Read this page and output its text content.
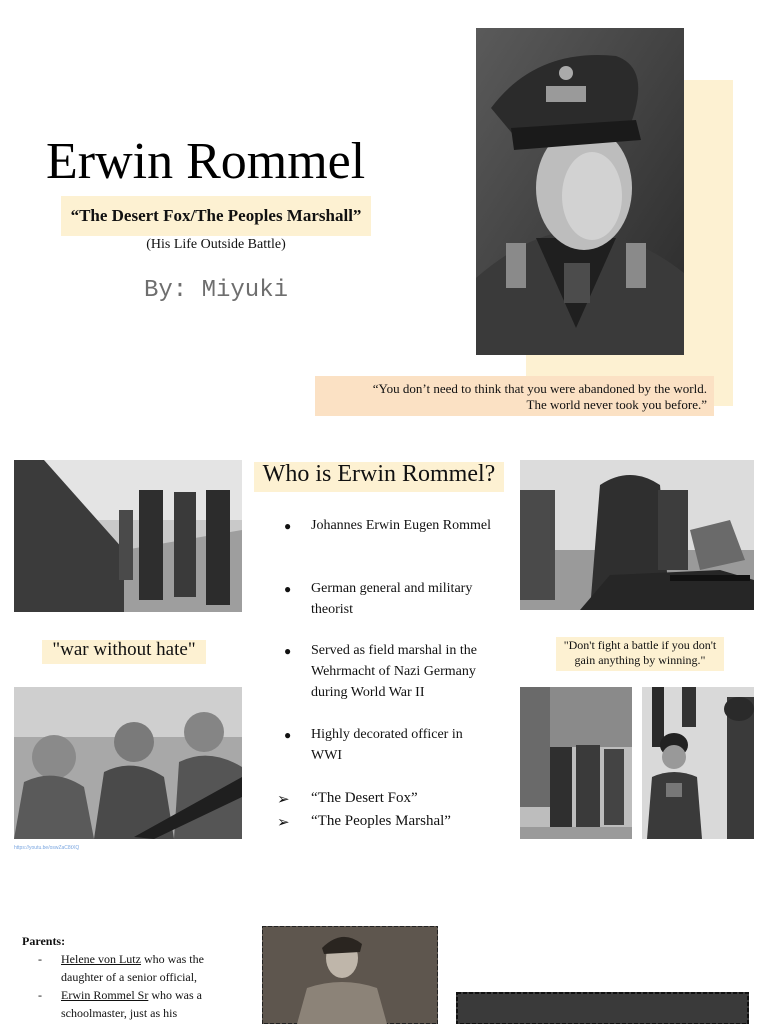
Erwin Rommel
“The Desert Fox/The Peoples Marshall”
(His Life Outside Battle)
By: Miyuki
“You don’t need to think that you were abandoned by the world.
The world never took you before.”
"war without hate"
https://youtu.be/oswZaC8tXQ
Who is Erwin Rommel?
● Johannes Erwin Eugen Rommel
● German general and military theorist
● Served as field marshal in the Wehrmacht of Nazi Germany during World War II
● Highly decorated officer in WWI
➢ “The Desert Fox”
➢ “The Peoples Marshal”
"Don't fight a battle if you don't
gain anything by winning."
Parents:
- Helene von Lutz who was the
daughter of a senior official,
- Erwin Rommel Sr who was a
schoolmaster, just as his
